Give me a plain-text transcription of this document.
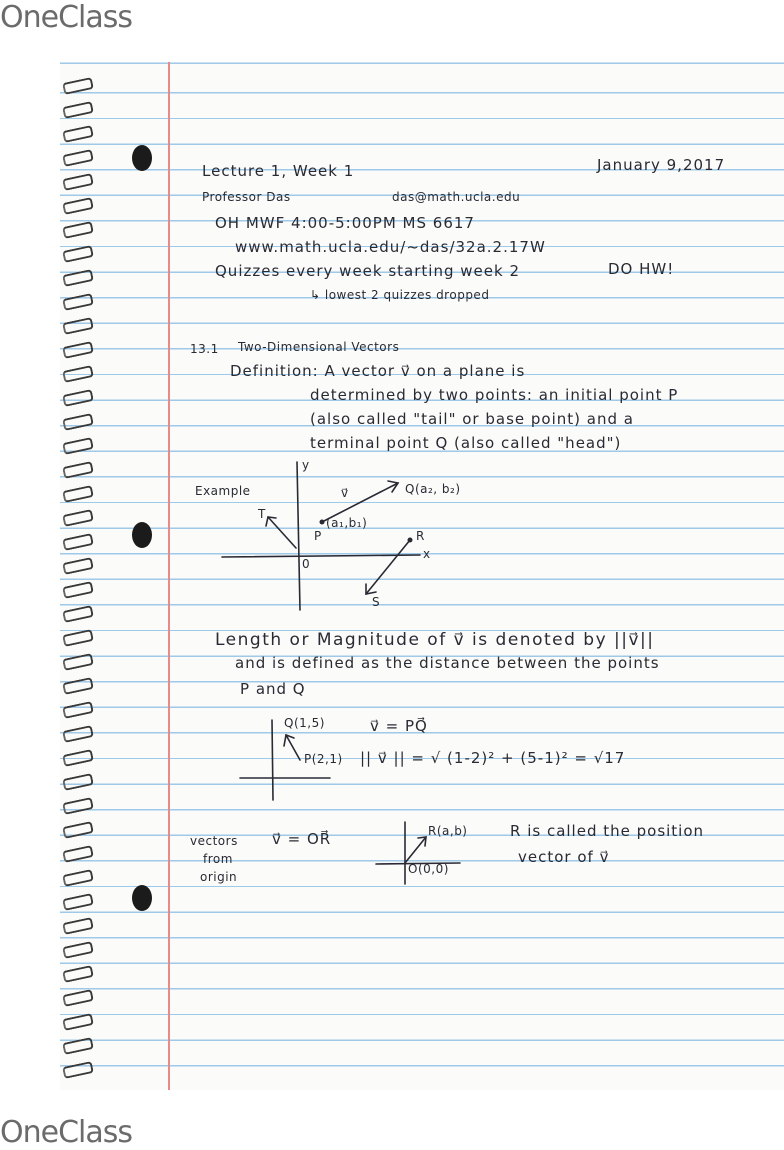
OneClass
Lecture 1, Week 1	January 9,2017
Professor Das	das@math.ucla.edu
OH MWF 4:00-5:00PM MS 6617
www.math.ucla.edu/~das/32a.2.17W
Quizzes every week starting week 2	DO HW!
↳ lowest 2 quizzes dropped
13.1 Two-Dimensional Vectors
Definition: A vector v⃗ on a plane is
determined by two points: an initial point P
(also called "tail" or base point) and a
terminal point Q (also called "head")
Example
y
x
0
v⃗	Q(a₂, b₂)
P
(a₁,b₁)
T
R
S
Length or Magnitude of v⃗ is denoted by ||v⃗||
and is defined as the distance between the points
P and Q
Q(1,5)
P(2,1)
v⃗ = PQ⃗
|| v⃗ || = √ (1-2)² + (5-1)² = √17
vectors
from
origin
v⃗ = OR⃗	R(a,b)
O(0,0)
R is called the position
vector of v⃗
OneClass
